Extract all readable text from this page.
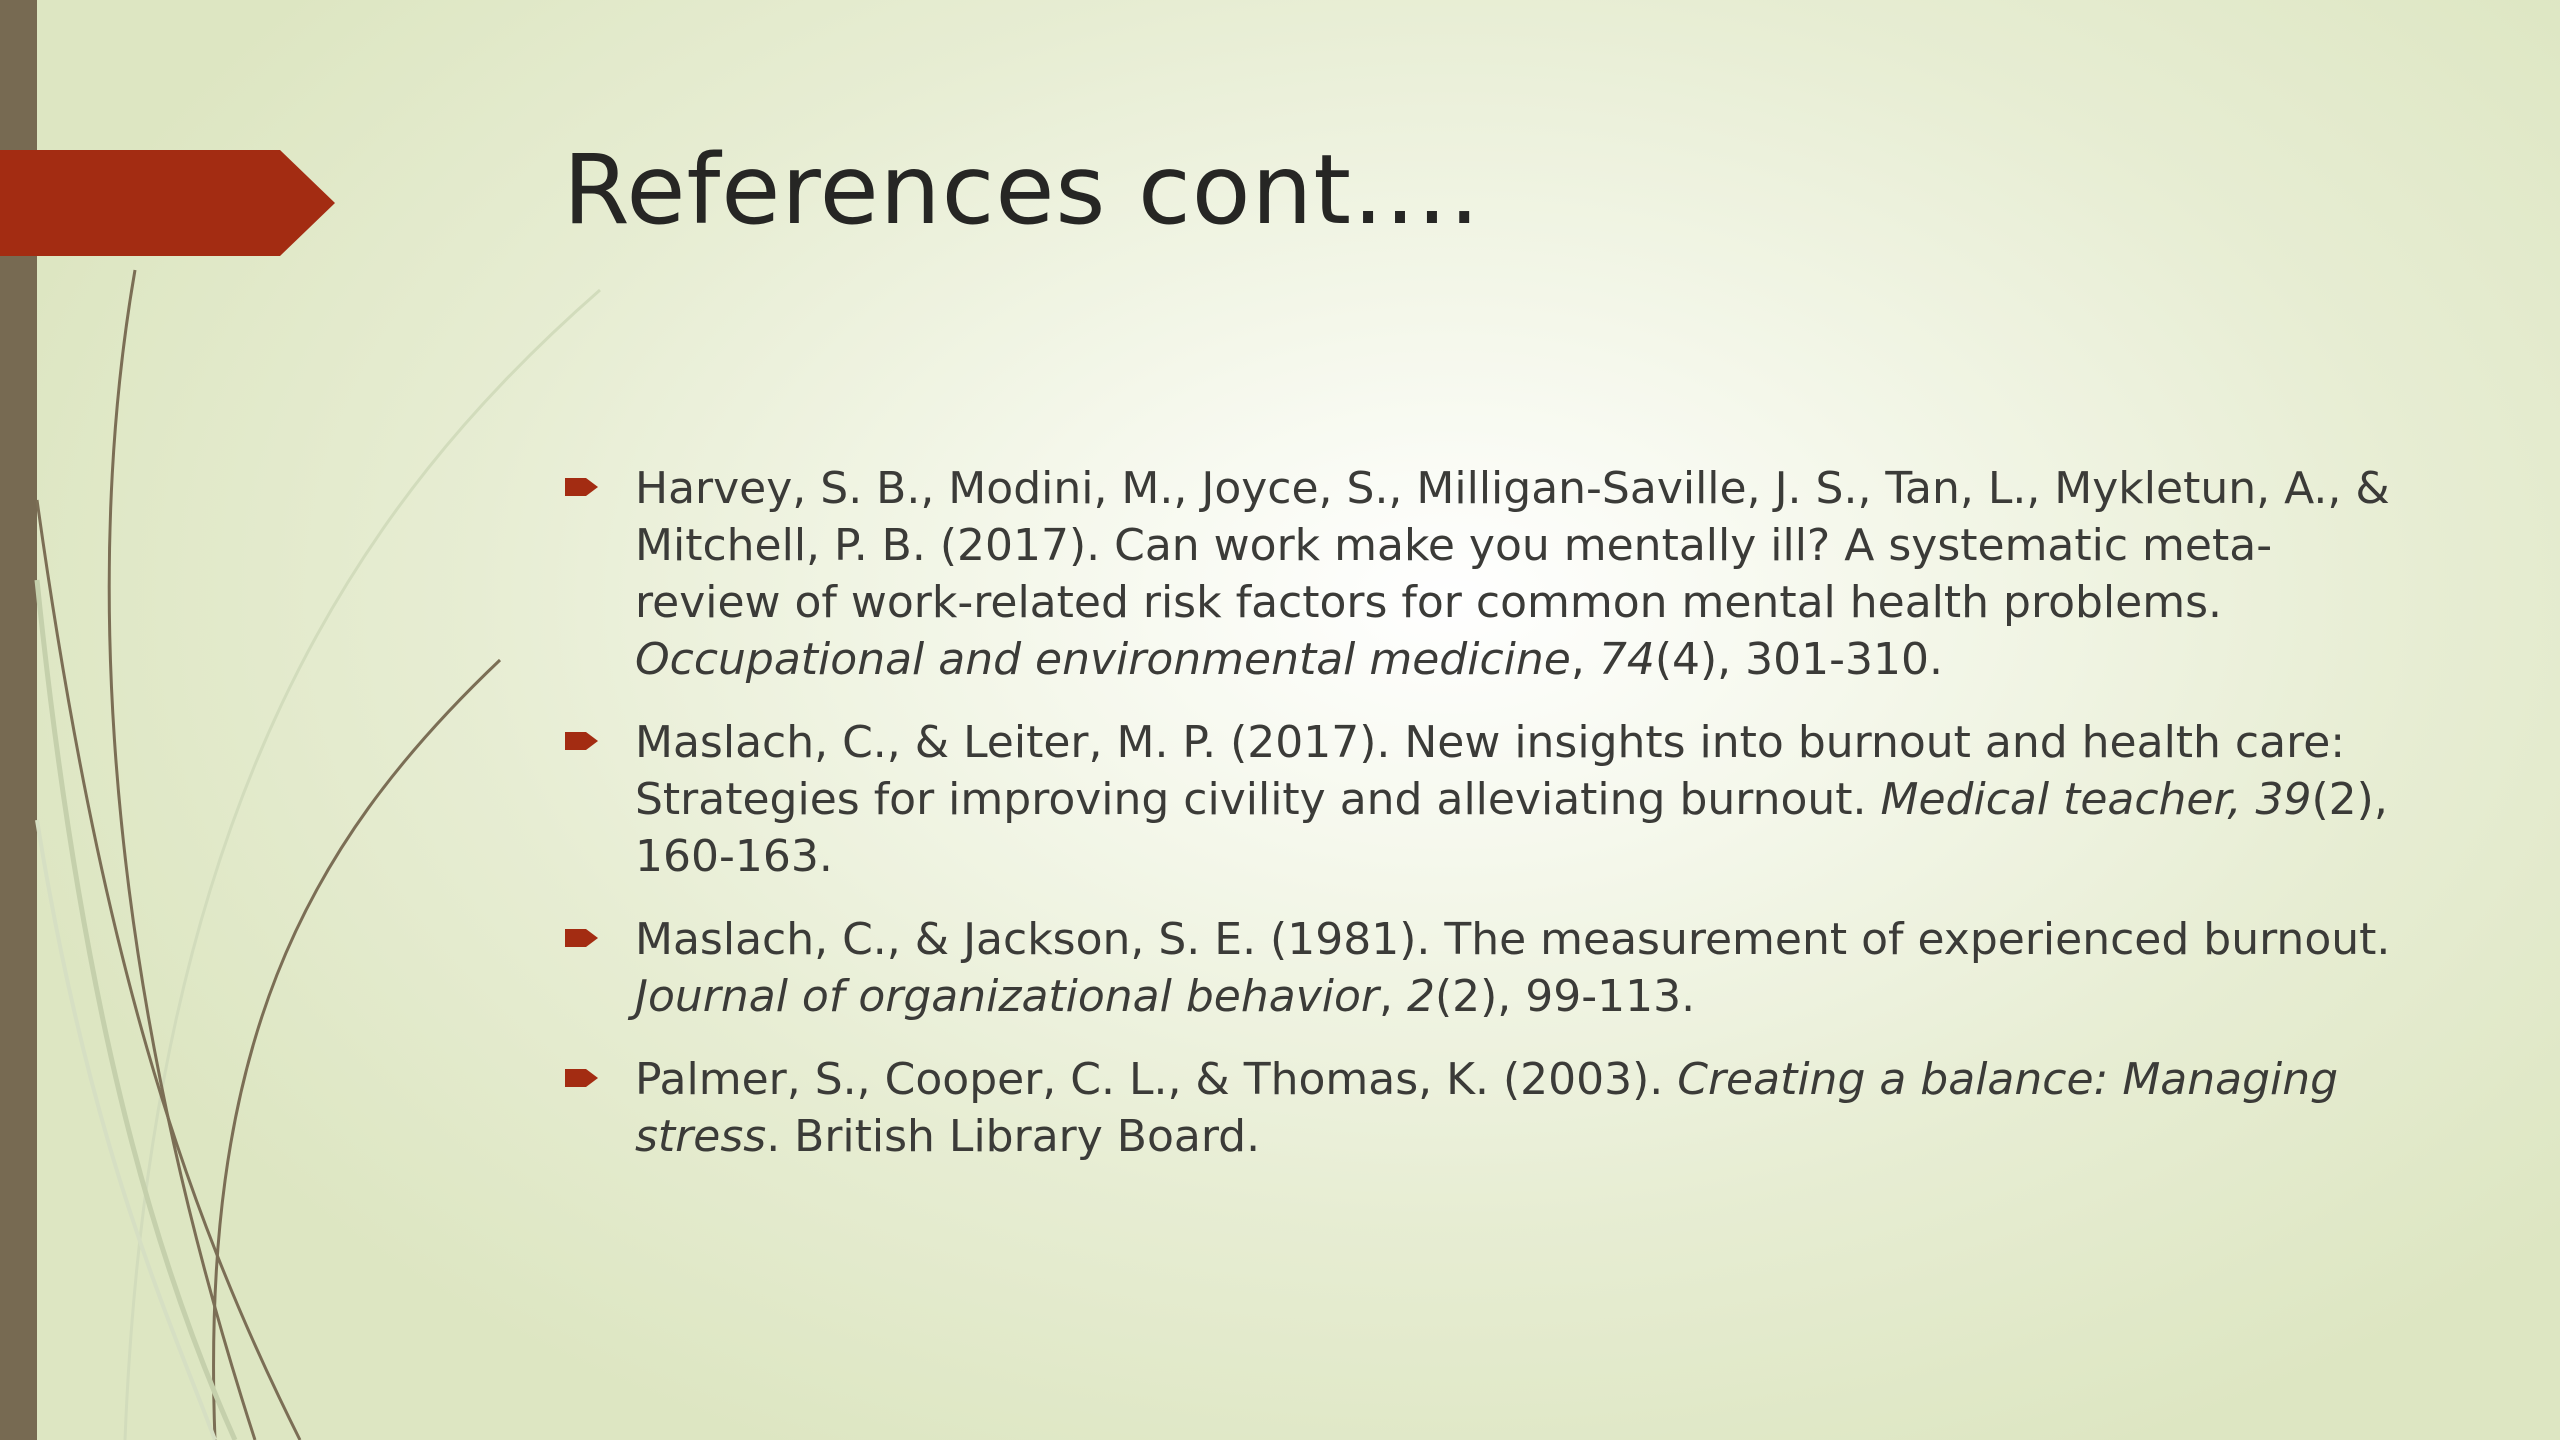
References cont….
Harvey, S. B., Modini, M., Joyce, S., Milligan-Saville, J. S., Tan, L., Mykletun, A., & Mitchell, P. B. (2017). Can work make you mentally ill? A systematic meta-review of work-related risk factors for common mental health problems. Occupational and environmental medicine, 74(4), 301-310.
Maslach, C., & Leiter, M. P. (2017). New insights into burnout and health care: Strategies for improving civility and alleviating burnout. Medical teacher, 39(2), 160-163.
Maslach, C., & Jackson, S. E. (1981). The measurement of experienced burnout. Journal of organizational behavior, 2(2), 99-113.
Palmer, S., Cooper, C. L., & Thomas, K. (2003). Creating a balance: Managing stress. British Library Board.
